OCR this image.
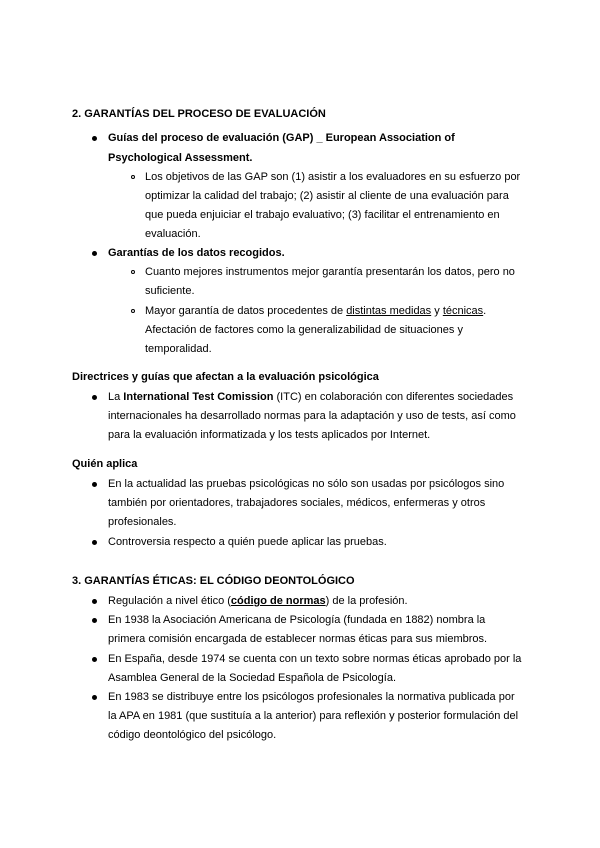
2. GARANTÍAS DEL PROCESO DE EVALUACIÓN
Guías del proceso de evaluación (GAP) _ European Association of
Psychological Assessment.
Los objetivos de las GAP son (1) asistir a los evaluadores en su esfuerzo por
optimizar la calidad del trabajo; (2) asistir al cliente de una evaluación para
que pueda enjuiciar el trabajo evaluativo; (3) facilitar el entrenamiento en
evaluación.
Garantías de los datos recogidos.
Cuanto mejores instrumentos mejor garantía presentarán los datos, pero no
suficiente.
Mayor garantía de datos procedentes de distintas medidas y técnicas.
Afectación de factores como la generalizabilidad de situaciones y
temporalidad.
Directrices y guías que afectan a la evaluación psicológica
La International Test Comission (ITC) en colaboración con diferentes sociedades
internacionales ha desarrollado normas para la adaptación y uso de tests, así como
para la evaluación informatizada y los tests aplicados por Internet.
Quién aplica
En la actualidad las pruebas psicológicas no sólo son usadas por psicólogos sino
también por orientadores, trabajadores sociales, médicos, enfermeras y otros
profesionales.
Controversia respecto a quién puede aplicar las pruebas.
3. GARANTÍAS ÉTICAS: EL CÓDIGO DEONTOLÓGICO
Regulación a nivel ético (código de normas) de la profesión.
En 1938 la Asociación Americana de Psicología (fundada en 1882) nombra la
primera comisión encargada de establecer normas éticas para sus miembros.
En España, desde 1974 se cuenta con un texto sobre normas éticas aprobado por la
Asamblea General de la Sociedad Española de Psicología.
En 1983 se distribuye entre los psicólogos profesionales la normativa publicada por
la APA en 1981 (que sustituía a la anterior) para reflexión y posterior formulación del
código deontológico del psicólogo.
